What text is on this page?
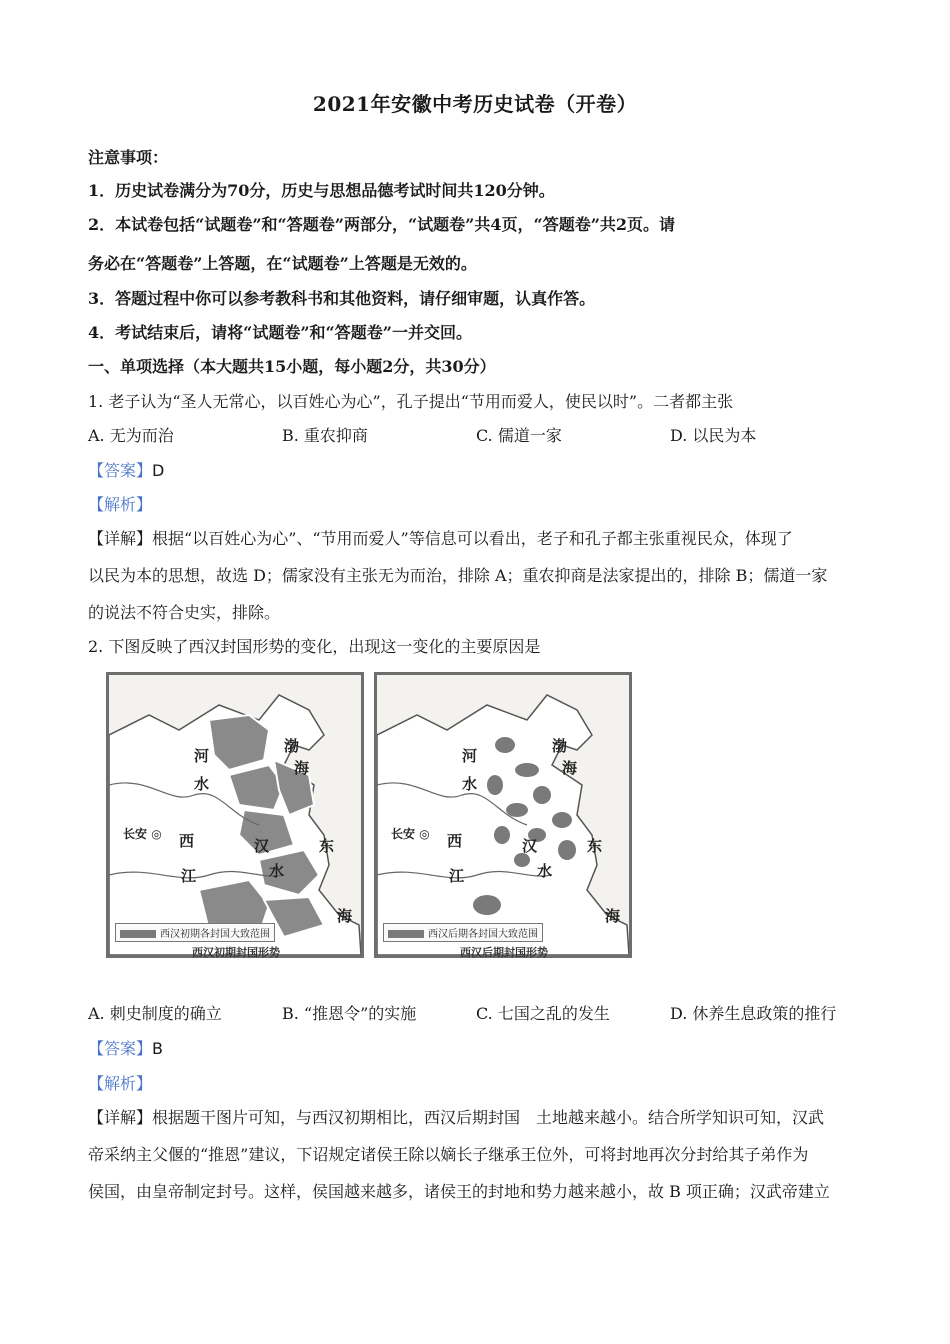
2021年安徽中考历史试卷（开卷）
注意事项：
1．历史试卷满分为70分，历史与思想品德考试时间共120分钟。
2．本试卷包括“试题卷”和“答题卷”两部分，“试题卷”共4页，“答题卷”共2页。请
务必在“答题卷”上答题，在“试题卷”上答题是无效的。
3．答题过程中你可以参考教科书和其他资料，请仔细审题，认真作答。
4．考试结束后，请将“试题卷”和“答题卷”一并交回。
一、单项选择（本大题共15小题，每小题2分，共30分）
1. 老子认为“圣人无常心，以百姓心为心”，孔子提出“节用而爱人，使民以时”。二者都主张
A. 无为而治	B. 重农抑商	C. 儒道一家	D. 以民为本
【答案】D
【解析】
【详解】根据“以百姓心为心”、“节用而爱人”等信息可以看出，老子和孔子都主张重视民众，体现了
以民为本的思想，故选 D；儒家没有主张无为而治，排除 A；重农抑商是法家提出的，排除 B；儒道一家
的说法不符合史实，排除。
2. 下图反映了西汉封国形势的变化，出现这一变化的主要原因是
河
水
西
江
汉
水
渤
海
东
海
长安 ◎
西汉初期各封国大致范围
西汉初期封国形势
河
水
西
江
汉
水
渤
海
东
海
长安 ◎
西汉后期各封国大致范围
西汉后期封国形势
A. 刺史制度的确立	B. “推恩令”的实施	C. 七国之乱的发生	D. 休养生息政策的推行
【答案】B
【解析】
【详解】根据题干图片可知，与西汉初期相比，西汉后期封国　土地越来越小。结合所学知识可知，汉武
帝采纳主父偃的“推恩”建议，下诏规定诸侯王除以嫡长子继承王位外，可将封地再次分封给其子弟作为
侯国，由皇帝制定封号。这样，侯国越来越多，诸侯王的封地和势力越来越小，故 B 项正确；汉武帝建立
